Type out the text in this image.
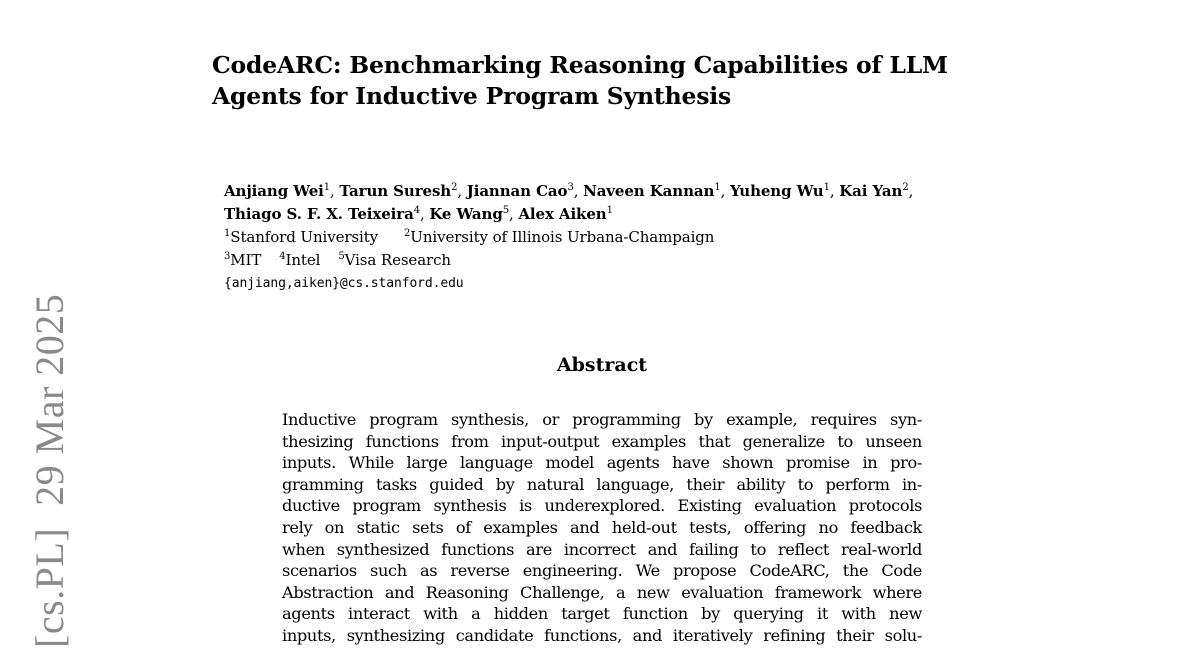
[cs.PL]29 Mar 2025
CodeARC: Benchmarking Reasoning Capabilities of LLM
Agents for Inductive Program Synthesis
Anjiang Wei$^1$, Tarun Suresh$^2$, Jiannan Cao$^3$, Naveen Kannan$^1$, Yuheng Wu$^1$, Kai Yan$^2$,
Thiago S. F. X. Teixeira$^4$, Ke Wang$^5$, Alex Aiken$^1$
$^1$Stanford University	$^2$University of Illinois Urbana-Champaign
$^3$MIT $^4$Intel $^5$Visa Research
{anjiang,aiken}@cs.stanford.edu
Abstract
Inductive program synthesis, or programming by example, requires syn-
thesizing functions from input-output examples that generalize to unseen
inputs. While large language model agents have shown promise in pro-
gramming tasks guided by natural language, their ability to perform in-
ductive program synthesis is underexplored. Existing evaluation protocols
rely on static sets of examples and held-out tests, offering no feedback
when synthesized functions are incorrect and failing to reflect real-world
scenarios such as reverse engineering. We propose CodeARC, the Code
Abstraction and Reasoning Challenge, a new evaluation framework where
agents interact with a hidden target function by querying it with new
inputs, synthesizing candidate functions, and iteratively refining their solu-
